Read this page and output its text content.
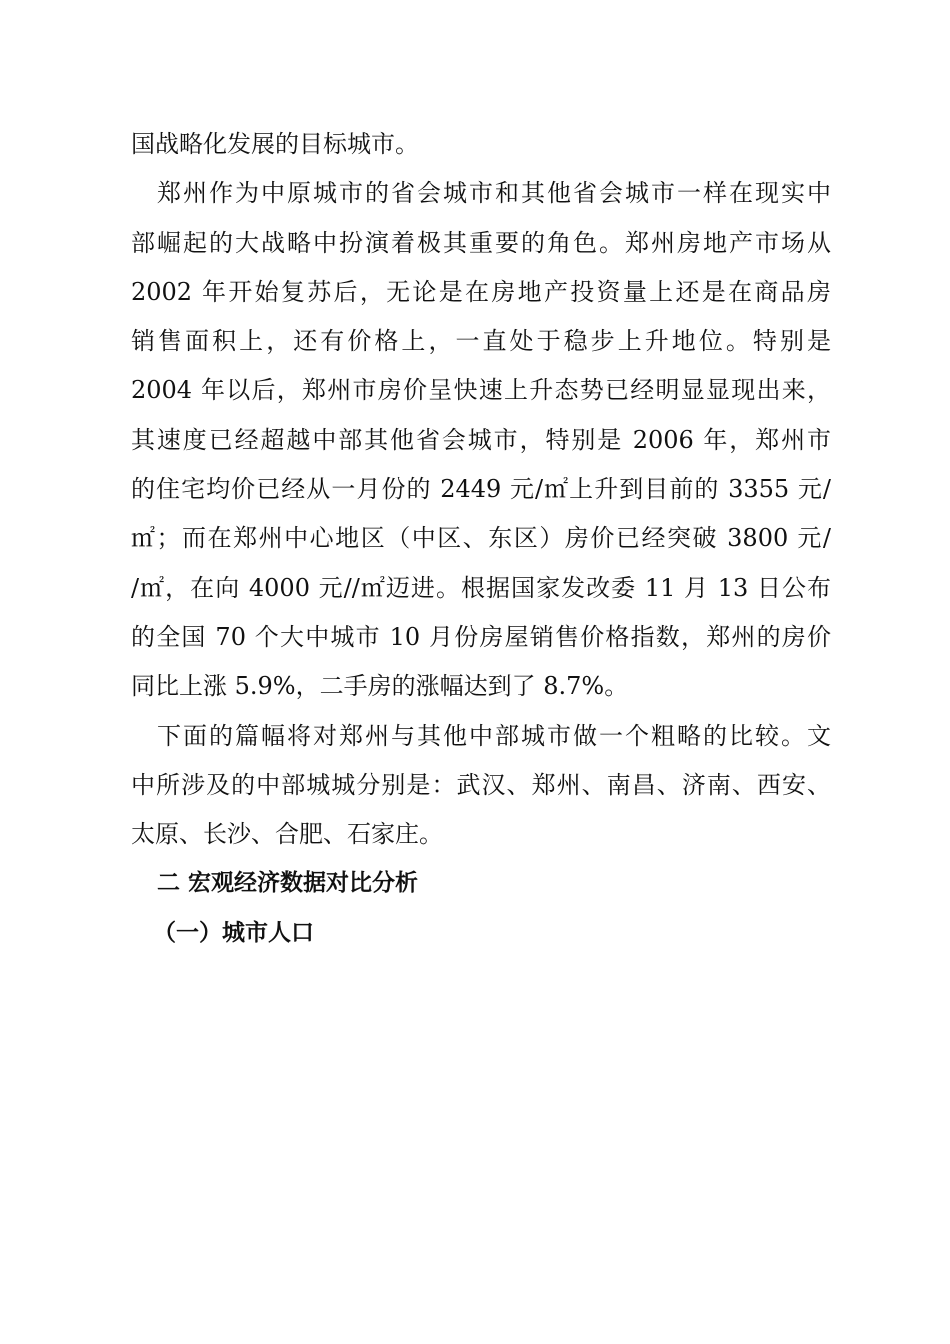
国战略化发展的目标城市。
郑州作为中原城市的省会城市和其他省会城市一样在现实中
部崛起的大战略中扮演着极其重要的角色。郑州房地产市场从
2002 年开始复苏后，无论是在房地产投资量上还是在商品房
销售面积上，还有价格上，一直处于稳步上升地位。特别是
2004 年以后，郑州市房价呈快速上升态势已经明显显现出来，
其速度已经超越中部其他省会城市，特别是 2006 年，郑州市
的住宅均价已经从一月份的 2449 元/㎡上升到目前的 3355 元/
㎡；而在郑州中心地区（中区、东区）房价已经突破 3800 元/
/㎡，在向 4000 元//㎡迈进。根据国家发改委 11 月 13 日公布
的全国 70 个大中城市 10 月份房屋销售价格指数，郑州的房价
同比上涨 5.9%，二手房的涨幅达到了 8.7%。
下面的篇幅将对郑州与其他中部城市做一个粗略的比较。文
中所涉及的中部城城分别是：武汉、郑州、南昌、济南、西安、
太原、长沙、合肥、石家庄。
二 宏观经济数据对比分析
（一）城市人口
